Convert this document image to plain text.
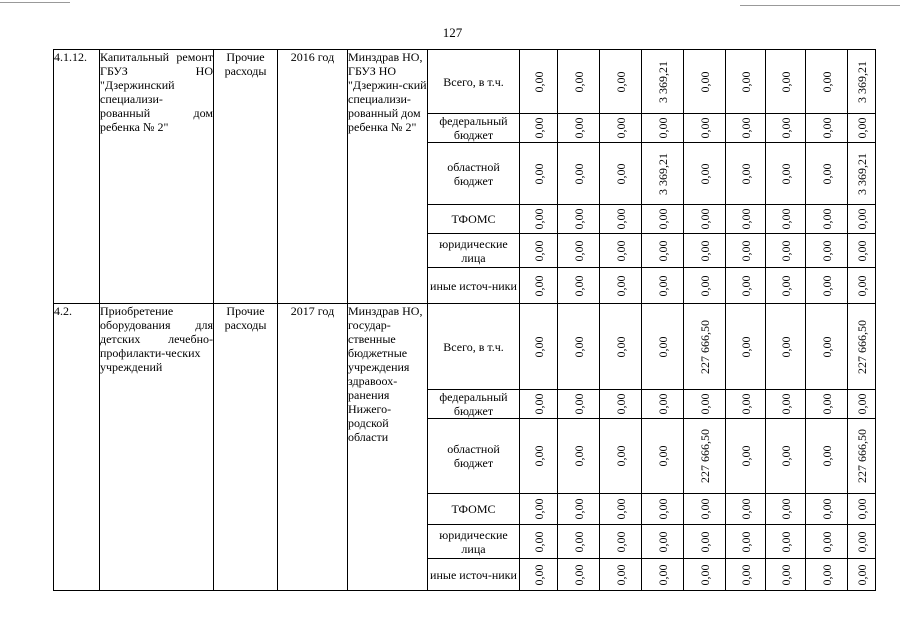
127
4.1.12.	Капитальный ремонт ГБУЗ НО "Дзержинский специализи-рованный дом ребенка № 2"	Прочие расходы	2016 год	Минздрав НО, ГБУЗ НО "Дзержин-ский специализи-рованный дом ребенка № 2"	Всего, в т.ч.	0,00	0,00	0,00	3 369,21	0,00	0,00	0,00	0,00	3 369,21

					федеральный бюджет	0,00	0,00	0,00	0,00	0,00	0,00	0,00	0,00	0,00

					областной бюджет	0,00	0,00	0,00	3 369,21	0,00	0,00	0,00	0,00	3 369,21

					ТФОМС	0,00	0,00	0,00	0,00	0,00	0,00	0,00	0,00	0,00

					юридические лица	0,00	0,00	0,00	0,00	0,00	0,00	0,00	0,00	0,00

					иные источ-ники	0,00	0,00	0,00	0,00	0,00	0,00	0,00	0,00	0,00

4.2.	Приобретение оборудования для детских лечебно-профилакти-ческих учреждений	Прочие расходы	2017 год	Минздрав НО, государ-ственные бюджетные учреждения здравоох-ранения Нижего-родской области	Всего, в т.ч.	0,00	0,00	0,00	0,00	227 666,50	0,00	0,00	0,00	227 666,50

					федеральный бюджет	0,00	0,00	0,00	0,00	0,00	0,00	0,00	0,00	0,00

					областной бюджет	0,00	0,00	0,00	0,00	227 666,50	0,00	0,00	0,00	227 666,50

					ТФОМС	0,00	0,00	0,00	0,00	0,00	0,00	0,00	0,00	0,00

					юридические лица	0,00	0,00	0,00	0,00	0,00	0,00	0,00	0,00	0,00

					иные источ-ники	0,00	0,00	0,00	0,00	0,00	0,00	0,00	0,00	0,00
